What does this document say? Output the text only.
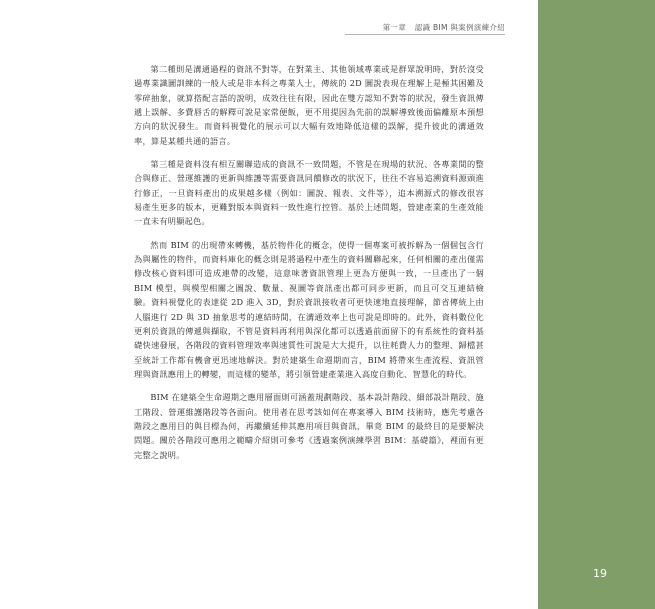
第一章 認識 BIM 與案例演練介紹

第二種則是溝通過程的資訊不對等，在對業主、其他領域專業或是群眾說明時，對於沒受過專業識圖訓練的一般人或是非本科之專業人士，傳統的 2D 圖說表現在理解上是極其困難及零碎抽象，就算搭配言語的說明，成效往往有限，因此在雙方認知不對等的狀況，發生資訊傳遞上誤解、多費唇舌的解釋可說是家常便飯，更不用提因為先前的誤解導致後面偏離原本預想方向的狀況發生。而資料視覺化的展示可以大幅有效地降低這樣的誤解，提升彼此的溝通效率，算是某種共通的語言。

第三種是資料沒有相互關聯造成的資訊不一致問題，不管是在現場的狀況、各專業間的整合與修正、營運維護的更新與維護等需要資訊同饋修改的狀況下，往往不容易追溯資料源頭進行修正，一旦資料產出的成果越多樣（例如：圖說、報表、文件等），追本溯源式的修改很容易產生更多的版本，更難對版本與資料一致性進行控管。基於上述問題，營建產業的生產效能一直未有明顯起色。

然而 BIM 的出現帶來轉機，基於物件化的概念，使得一個專案可被拆解為一個個包含行為與屬性的物件，而資料庫化的概念則是將過程中產生的資料關聯起來，任何相關的產出僅需修改核心資料即可造成連帶的改變，這意味著資訊管理上更為方便與一致，一旦產出了一個 BIM 模型，與模型相關之圖說、數量、視圖等資訊產出都可同步更新，而且可交互連結檢驗。資料視覺化的表達從 2D 進入 3D，對於資訊接收者可更快速地直接理解，節省傳統上由人腦進行 2D 與 3D 抽象思考的連結時間，在溝通效率上也可說是即時的。此外，資料數位化更利於資訊的傳遞與擷取，不管是資料再利用與深化都可以透過前面留下的有系統性的資料基礎快速發展，各階段的資料管理效率與速質性可說是大大提升，以往耗費人力的整理、歸檔甚至統計工作都有機會更迅速地解決。對於建築生命週期而言，BIM 將帶來生產流程、資訊管理與資訊應用上的轉變，而這樣的變革，將引領營建產業進入高度自動化、智慧化的時代。

BIM 在建築全生命週期之應用層面則可涵蓋規劃階段、基本設計階段、細部設計階段、施工階段、營運維護階段等各面向。使用者在思考該如何在專案導入 BIM 技術時，應先考慮各階段之應用目的與目標為何，再繼續延伸其應用項目與資訊，畢竟 BIM 的最終目的是要解決問題。關於各階段可應用之範疇介紹則可參考《透過案例演練學習 BIM：基礎篇》，裡面有更完整之說明。

19
